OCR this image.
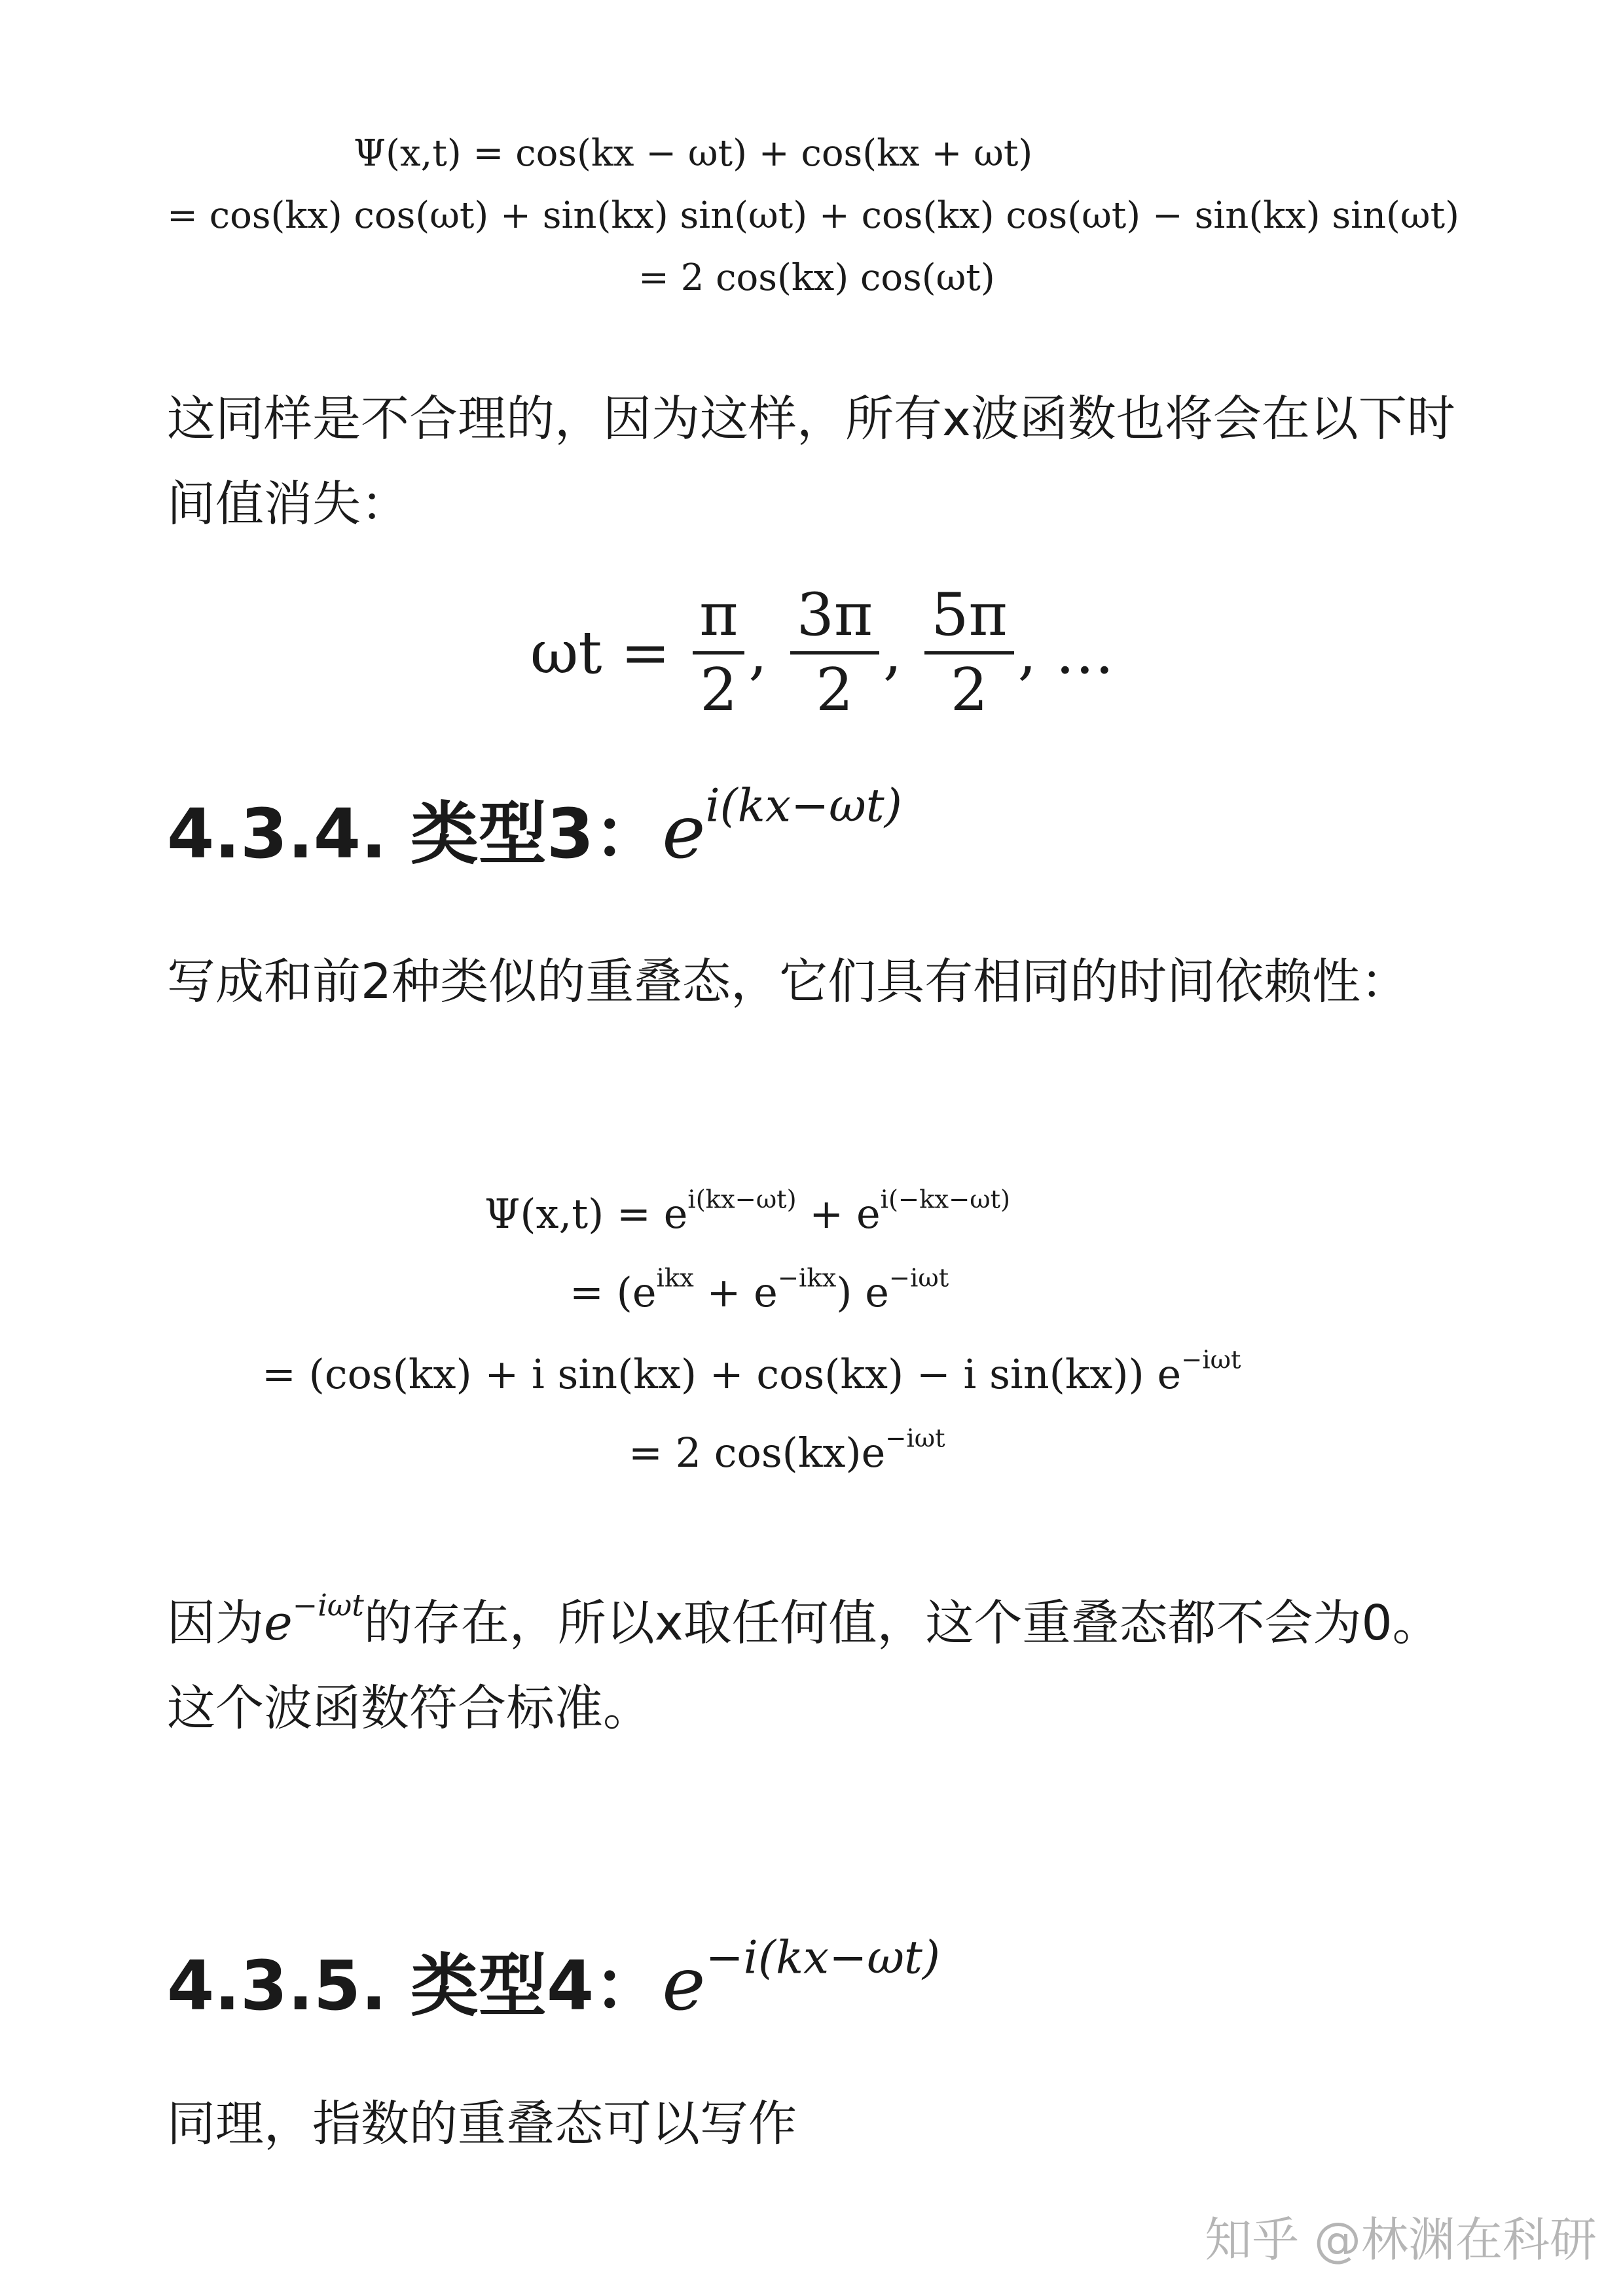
Ψ(x,t) = cos(kx − ωt) + cos(kx + ωt)
= cos(kx) cos(ωt) + sin(kx) sin(ωt) + cos(kx) cos(ωt) − sin(kx) sin(ωt)
= 2 cos(kx) cos(ωt)
这同样是不合理的，因为这样，所有x波函数也将会在以下时间值消失：
$\omega t = \frac{\pi}{2}$ , $\frac{3\pi}{2}$ , $\frac{5\pi}{2}$ , …
4.3.4. 类型3：$e^{i(kx-\omega t)}$
写成和前2种类似的重叠态，它们具有相同的时间依赖性：
$\Psi(x,t) = e^{i(kx-\omega t)} + e^{i(-kx-\omega t)}$
= $(e^{ikx} + e^{-ikx})$ $e^{-i\omega t}$
= (cos(kx) + i sin(kx) + cos(kx) − i sin(kx)) $e^{-i\omega t}$
= 2 $\cos(kx)e^{-i\omega t}$
因为$e^{-i\omega t}$的存在，所以x取任何值，这个重叠态都不会为0。这个波函数符合标准。
4.3.5. 类型4：$e^{-i(kx-\omega t)}$
同理，指数的重叠态可以写作
知乎 @林渊在科研
